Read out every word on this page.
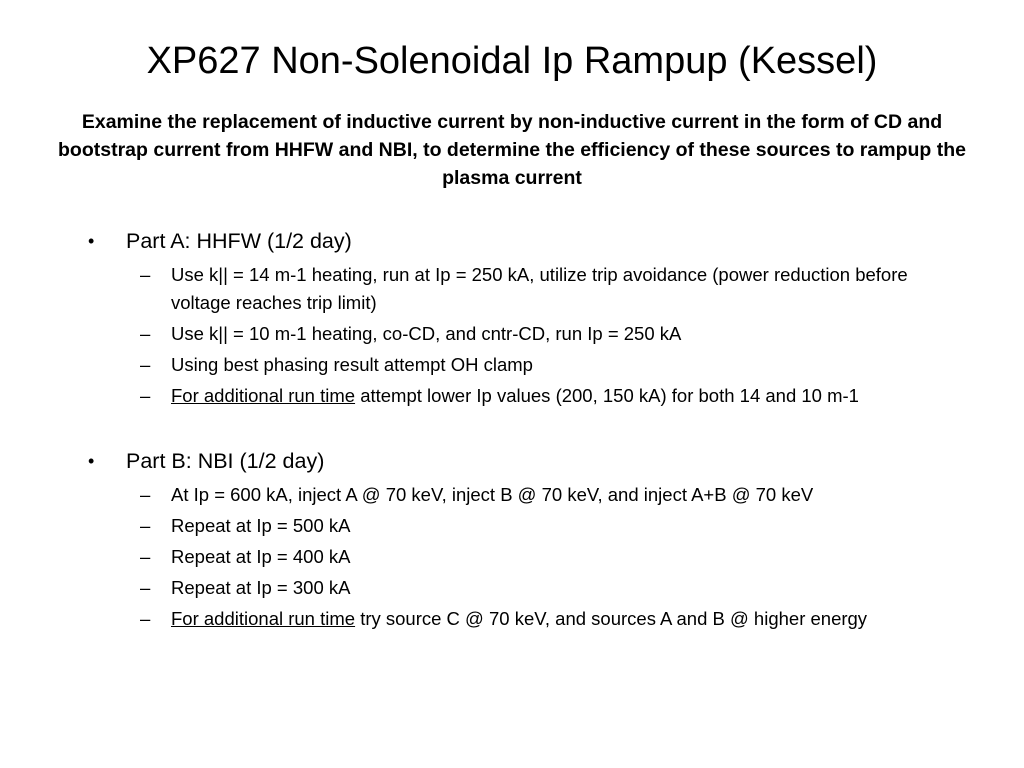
XP627 Non-Solenoidal Ip Rampup (Kessel)

Examine the replacement of inductive current by non-inductive current in the form of CD and bootstrap current from HHFW and NBI, to determine the efficiency of these sources to rampup the plasma current

• Part A: HHFW (1/2 day)
– Use k|| = 14 m-1 heating, run at Ip = 250 kA, utilize trip avoidance (power reduction before voltage reaches trip limit)
– Use k|| = 10 m-1 heating, co-CD, and cntr-CD, run Ip = 250 kA
– Using best phasing result attempt OH clamp
– For additional run time attempt lower Ip values (200, 150 kA) for both 14 and 10 m-1
• Part B: NBI (1/2 day)
– At Ip = 600 kA, inject A @ 70 keV, inject B @ 70 keV, and inject A+B @ 70 keV
– Repeat at Ip = 500 kA
– Repeat at Ip = 400 kA
– Repeat at Ip = 300 kA
– For additional run time try source C @ 70 keV, and sources A and B @ higher energy
